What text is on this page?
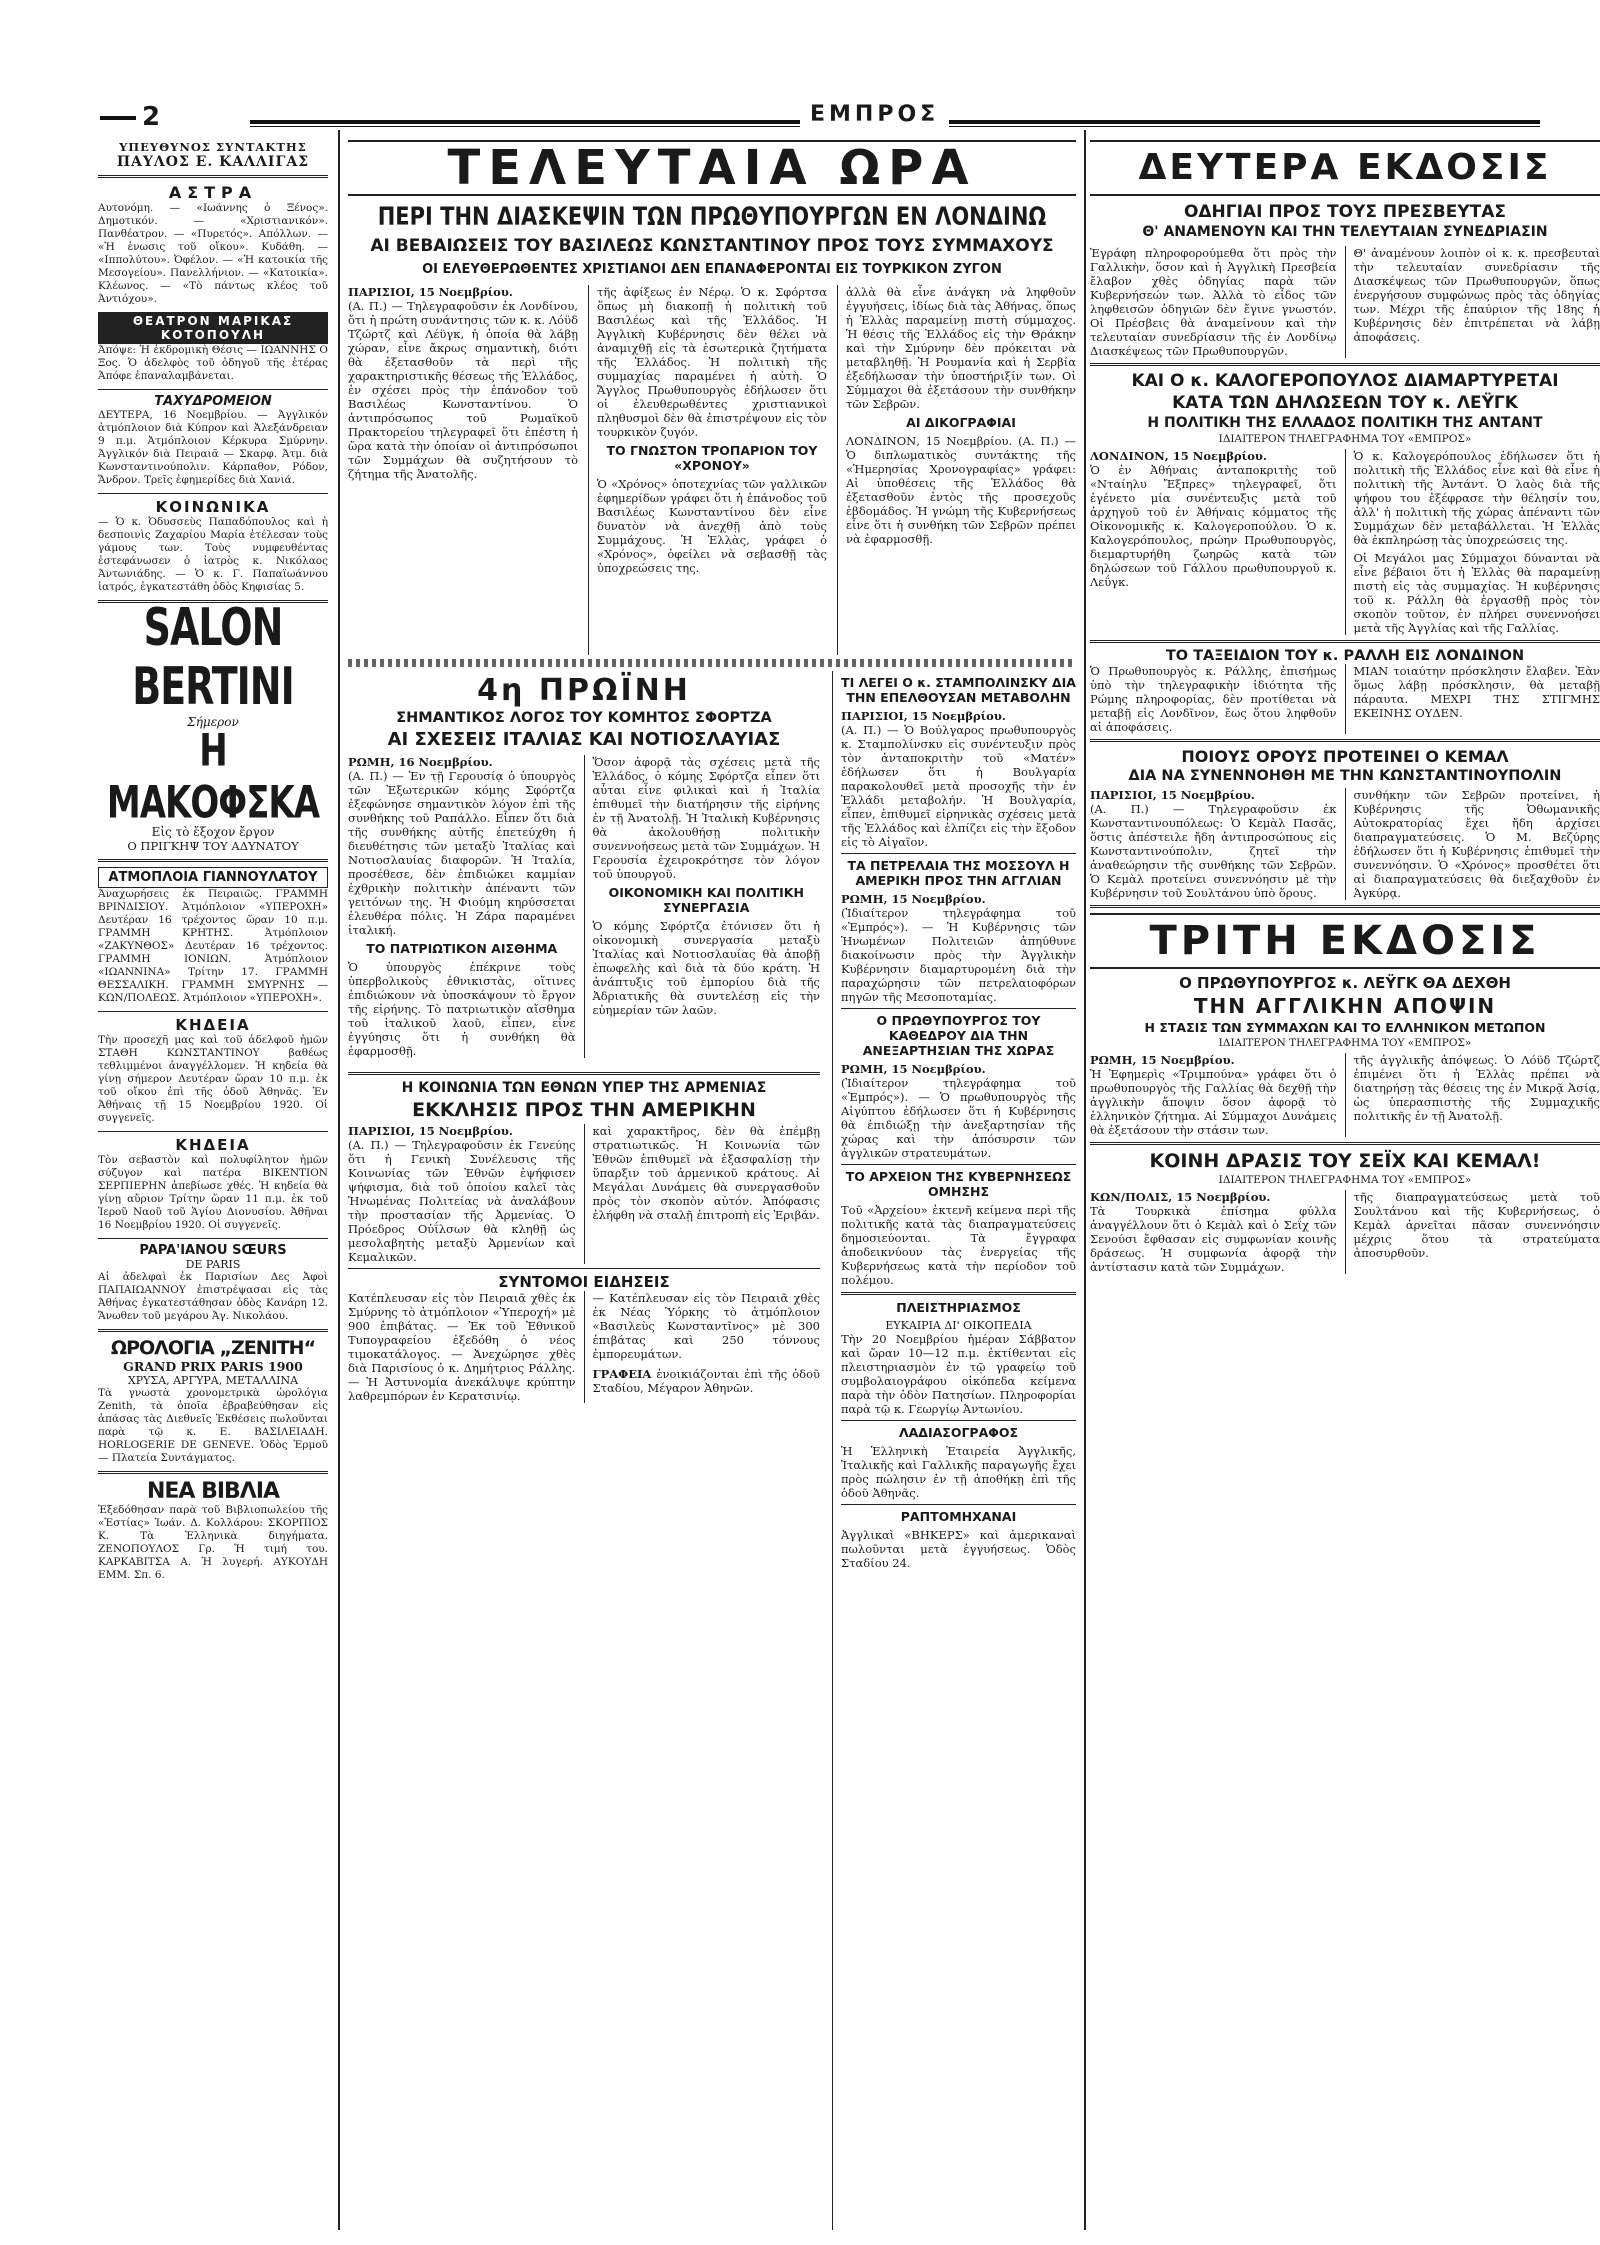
2	ΕΜΠΡΟΣ
ΥΠΕΥΘΥΝΟΣ ΣΥΝΤΑΚΤΗΣ
ΠΑΥΛΟΣ Ε. ΚΑΛΛΙΓΑΣ
ΑΣΤΡΑ
Αυτονόμη. — «Ιωάννης ὁ Ξένος». Δημοτικόν. — «Χριστιανικόν». Πανθέατρον. — «Πυρετός». Απόλλων. — «Ἡ ἑνωσις τοῦ οἴκου». Κυδάθη. — «Ιππολύτου». Ὀφέλον. — «Ἡ κατοικία τῆς Μεσογείου». Πανελλήνιον. — «Κατοικία». Κλέωνος. — «Τὸ πάντως κλέος τοῦ Ἀντιόχου».
ΘΕΑΤΡΟΝ ΜΑΡΙΚΑΣ ΚΟΤΟΠΟΥΛΗ
Ἀπόψε: Ἡ ἐκδρομικὴ Θέσις — ΙΩΑΝΝΗΣ Ο Ξος. Ὁ ἀδελφὸς τοῦ ὁδηγοῦ τῆς ἑτέρας Ἀπόφε ἐπαναλαμβάνεται.
ΤΑΧΥΔΡΟΜΕΙΟΝ
ΔΕΥΤΕΡΑ, 16 Νοεμβρίου. — Ἀγγλικόν ἀτμόπλοιον διὰ Κύπρον καὶ Ἀλεξάνδρειαν 9 π.μ. Ἀτμόπλοιον Κέρκυρα Σμύρνην. Ἀγγλικόν διὰ Πειραιᾶ — Σκαρφ. Ἀτμ. διὰ Κωνσταντινούπολιν. Κάρπαθον, Ρόδον, Ἄνδρον. Τρεῖς ἐφημερίδες διὰ Χανιά.
ΚΟΙΝΩΝΙΚΑ
— Ὁ κ. Ὀδυσσεὺς Παπαδόπουλος καὶ ἡ δεσποινὶς Ζαχαρίου Μαρία ἐτέλεσαν τοὺς γάμους των. Τοὺς νυμφευθέντας ἐστεφάνωσεν ὁ ἰατρὸς κ. Νικόλαος Ἀντωνιάδης. — Ὁ κ. Γ. Παπαϊωάννου ἰατρός, ἐγκατεστάθη ὁδὸς Κηφισίας 5.
SALON BERTINI
Σήμερον
Η ΜΑΚΟΦΣΚΑ
Εἰς τὸ ἔξοχον ἔργον
Ο ΠΡΙΓΚΗΨ ΤΟΥ ΑΔΥΝΑΤΟΥ
ΑΤΜΟΠΛΟΙΑ ΓΙΑΝΝΟΥΛΑΤΟΥ
Ἀναχωρήσεις ἐκ Πειραιῶς. ΓΡΑΜΜΗ ΒΡΙΝΔΙΣΙΟΥ. Ἀτμόπλοιον «ΥΠΕΡΟΧΗ» Δευτέραν 16 τρέχοντος ὥραν 10 π.μ. ΓΡΑΜΜΗ ΚΡΗΤΗΣ. Ἀτμόπλοιον «ΖΑΚΥΝΘΟΣ» Δευτέραν 16 τρέχοντος. ΓΡΑΜΜΗ ΙΟΝΙΩΝ. Ἀτμόπλοιον «ΙΩΑΝΝΙΝΑ» Τρίτην 17. ΓΡΑΜΜΗ ΘΕΣΣΑΛΙΚΗ. ΓΡΑΜΜΗ ΣΜΥΡΝΗΣ — ΚΩΝ/ΠΟΛΕΩΣ. Ἀτμόπλοιον «ΥΠΕΡΟΧΗ».
ΚΗΔΕΙΑ
Τὴν προσεχῆ μας καὶ τοῦ ἀδελφοῦ ἡμῶν ΣΤΑΘΗ ΚΩΝΣΤΑΝΤΙΝΟΥ βαθέως τεθλιμμένοι ἀναγγέλλομεν. Ἡ κηδεία θὰ γίνῃ σήμερον Δευτέραν ὥραν 10 π.μ. ἐκ τοῦ οἴκου ἐπὶ τῆς ὁδοῦ Ἀθηνᾶς. Ἐν Ἀθήναις τῇ 15 Νοεμβρίου 1920. Οἱ συγγενεῖς.
ΚΗΔΕΙΑ
Τὸν σεβαστὸν καὶ πολυφίλητον ἡμῶν σύζυγον καὶ πατέρα ΒΙΚΕΝΤΙΟΝ ΣΕΡΠΙΕΡΗΝ ἀπεβίωσε χθές. Ἡ κηδεία θὰ γίνῃ αὔριον Τρίτην ὥραν 11 π.μ. ἐκ τοῦ Ἱεροῦ Ναοῦ τοῦ Ἁγίου Διονυσίου. Ἀθῆναι 16 Νοεμβρίου 1920. Οἱ συγγενεῖς.
PAPA'IANOU SŒURS
DE PARIS
Αἱ ἀδελφαὶ ἐκ Παρισίων Δες Ἀφοὶ ΠΑΠΑΙΩΑΝΝΟΥ ἐπιστρέψασαι εἰς τὰς Ἀθήνας ἐγκατεστάθησαν ὁδὸς Κανάρη 12. Ἄνωθεν τοῦ μεγάρου Ἀγ. Νικολάου.
ΩΡΟΛΟΓΙΑ „ZENITH“
GRAND PRIX PARIS 1900
ΧΡΥΣΑ, ΑΡΓΥΡΑ, ΜΕΤΑΛΛΙΝΑ
Τὰ γνωστὰ χρονομετρικὰ ὡρολόγια Zenith, τὰ ὁποῖα ἐβραβεύθησαν εἰς ἁπάσας τὰς Διεθνεῖς Ἐκθέσεις πωλοῦνται παρὰ τῷ κ. Ε. ΒΑΣΙΛΕΙΑΔΗ. HORLOGERIE DE GENEVE. Ὁδὸς Ἑρμοῦ — Πλατεία Συντάγματος.
ΝΕΑ ΒΙΒΛΙΑ
Ἐξεδόθησαν παρὰ τοῦ Βιβλιοπωλείου τῆς «Ἑστίας» Ἰωάν. Δ. Κολλάρου: ΣΚΟΡΠΙΟΣ Κ. Τὰ Ἑλληνικὰ διηγήματα. ΖΕΝΟΠΟΥΛΟΣ Γρ. Ἡ τιμή του. ΚΑΡΚΑΒΙΤΣΑ Α. Ἡ λυγερή. ΑΥΚΟΥΔΗ ΕΜΜ. Σπ. 6.
ΤΕΛΕΥΤΑΙΑ ΩΡΑ
ΠΕΡΙ ΤΗΝ ΔΙΑΣΚΕΨΙΝ ΤΩΝ ΠΡΩΘΥΠΟΥΡΓΩΝ ΕΝ ΛΟΝΔΙΝΩ
ΑΙ ΒΕΒΑΙΩΣΕΙΣ ΤΟΥ ΒΑΣΙΛΕΩΣ ΚΩΝΣΤΑΝΤΙΝΟΥ ΠΡΟΣ ΤΟΥΣ ΣΥΜΜΑΧΟΥΣ
ΟΙ ΕΛΕΥΘΕΡΩΘΕΝΤΕΣ ΧΡΙΣΤΙΑΝΟΙ ΔΕΝ ΕΠΑΝΑΦΕΡΟΝΤΑΙ ΕΙΣ ΤΟΥΡΚΙΚΟΝ ΖΥΓΟΝ
ΠΑΡΙΣΙΟΙ, 15 Νοεμβρίου.
(Α. Π.) — Τηλεγραφοῦσιν ἐκ Λονδίνου, ὅτι ἡ πρώτη συνάντησις τῶν κ. κ. Λόϋδ Τζώρτζ καὶ Λέϋγκ, ἡ ὁποία θὰ λάβῃ χώραν, εἶνε ἄκρως σημαντικὴ, διότι θὰ ἐξετασθοῦν τὰ περὶ τῆς χαρακτηριστικῆς θέσεως τῆς Ἑλλάδος, ἐν σχέσει πρὸς τὴν ἐπάνοδον τοῦ Βασιλέως Κωνσταντίνου. Ὁ ἀντιπρόσωπος τοῦ Ρωμαϊκοῦ Πρακτορείου τηλεγραφεῖ ὅτι ἐπέστη ἡ ὥρα κατὰ τὴν ὁποίαν οἱ ἀντιπρόσωποι τῶν Συμμάχων θὰ συζητήσουν τὸ ζήτημα τῆς Ἀνατολῆς.
τῆς ἀφίξεως ἐν Νέρῳ. Ὁ κ. Σφόρτσα ὅπως μὴ διακοπῇ ἡ πολιτικὴ τοῦ Βασιλέως καὶ τῆς Ἑλλάδος. Ἡ Ἀγγλικὴ Κυβέρνησις δὲν θέλει νὰ ἀναμιχθῇ εἰς τὰ ἐσωτερικὰ ζητήματα τῆς Ἑλλάδος. Ἡ πολιτικὴ τῆς συμμαχίας παραμένει ἡ αὐτὴ. Ὁ Ἄγγλος Πρωθυπουργὸς ἐδήλωσεν ὅτι οἱ ἐλευθερωθέντες χριστιανικοὶ πληθυσμοὶ δὲν θὰ ἐπιστρέψουν εἰς τὸν τουρκικὸν ζυγόν.
ΤΟ ΓΝΩΣΤΟΝ ΤΡΟΠΑΡΙΟΝ ΤΟΥ «ΧΡΟΝΟΥ»
Ὁ «Χρόνος» ὁποτεχνίας τῶν γαλλικῶν ἐφημερίδων γράφει ὅτι ἡ ἐπάνοδος τοῦ Βασιλέως Κωνσταντίνου δὲν εἶνε δυνατὸν νὰ ἀνεχθῇ ἀπὸ τοὺς Συμμάχους. Ἡ Ἑλλὰς, γράφει ὁ «Χρόνος», ὀφείλει νὰ σεβασθῇ τὰς ὑποχρεώσεις της.
ἀλλὰ θὰ εἶνε ἀνάγκη νὰ ληφθοῦν ἐγγυήσεις, ἰδίως διὰ τὰς Ἀθήνας, ὅπως ἡ Ἑλλὰς παραμείνῃ πιστὴ σύμμαχος. Ἡ θέσις τῆς Ἑλλάδος εἰς τὴν Θράκην καὶ τὴν Σμύρνην δὲν πρόκειται νὰ μεταβληθῇ. Ἡ Ρουμανία καὶ ἡ Σερβία ἐξεδήλωσαν τὴν ὑποστήριξίν των. Οἱ Σύμμαχοι θὰ ἐξετάσουν τὴν συνθήκην τῶν Σεβρῶν.
ΑΙ ΔΙΚΟΓΡΑΦΙΑΙ
ΛΟΝΔΙΝΟΝ, 15 Νοεμβρίου. (Α. Π.) — Ὁ διπλωματικὸς συντάκτης τῆς «Ἡμερησίας Χρονογραφίας» γράφει: Αἱ ὑποθέσεις τῆς Ἑλλάδος θὰ ἐξετασθοῦν ἐντὸς τῆς προσεχοῦς ἑβδομάδος. Ἡ γνώμη τῆς Κυβερνήσεως εἶνε ὅτι ἡ συνθήκη τῶν Σεβρῶν πρέπει νὰ ἐφαρμοσθῇ.
4η ΠΡΩΪΝΗ
ΣΗΜΑΝΤΙΚΟΣ ΛΟΓΟΣ ΤΟΥ ΚΟΜΗΤΟΣ ΣΦΟΡΤΖΑ
ΑΙ ΣΧΕΣΕΙΣ ΙΤΑΛΙΑΣ ΚΑΙ ΝΟΤΙΟΣΛΑΥΙΑΣ
ΡΩΜΗ, 16 Νοεμβρίου.
(Α. Π.) — Ἐν τῇ Γερουσίᾳ ὁ ὑπουργὸς τῶν Ἐξωτερικῶν κόμης Σφόρτζα ἐξεφώνησε σημαντικὸν λόγον ἐπὶ τῆς συνθήκης τοῦ Ραπάλλο. Εἶπεν ὅτι διὰ τῆς συνθήκης αὐτῆς ἐπετεύχθη ἡ διευθέτησις τῶν μεταξὺ Ἰταλίας καὶ Νοτιοσλαυίας διαφορῶν. Ἡ Ἰταλία, προσέθεσε, δὲν ἐπιδιώκει καμμίαν ἐχθρικὴν πολιτικὴν ἀπέναντι τῶν γειτόνων της. Ἡ Φιούμη κηρύσσεται ἐλευθέρα πόλις. Ἡ Ζάρα παραμένει ἰταλική.
ΤΟ ΠΑΤΡΙΩΤΙΚΟΝ ΑΙΣΘΗΜΑ
Ὁ ὑπουργὸς ἐπέκρινε τοὺς ὑπερβολικοὺς ἐθνικιστὰς, οἵτινες ἐπιδιώκουν νὰ ὑποσκάψουν τὸ ἔργον τῆς εἰρήνης. Τὸ πατριωτικὸν αἴσθημα τοῦ ἰταλικοῦ λαοῦ, εἶπεν, εἶνε ἐγγύησις ὅτι ἡ συνθήκη θὰ ἐφαρμοσθῇ.
Ὅσον ἀφορᾷ τὰς σχέσεις μετὰ τῆς Ἑλλάδος, ὁ κόμης Σφόρτζα εἶπεν ὅτι αὗται εἶνε φιλικαὶ καὶ ἡ Ἰταλία ἐπιθυμεῖ τὴν διατήρησιν τῆς εἰρήνης ἐν τῇ Ἀνατολῇ. Ἡ Ἰταλικὴ Κυβέρνησις θὰ ἀκολουθήσῃ πολιτικὴν συνεννοήσεως μετὰ τῶν Συμμάχων. Ἡ Γερουσία ἐχειροκρότησε τὸν λόγον τοῦ ὑπουργοῦ.
ΟΙΚΟΝΟΜΙΚΗ ΚΑΙ ΠΟΛΙΤΙΚΗ ΣΥΝΕΡΓΑΣΙΑ
Ὁ κόμης Σφόρτζα ἐτόνισεν ὅτι ἡ οἰκονομικὴ συνεργασία μεταξὺ Ἰταλίας καὶ Νοτιοσλαυίας θὰ ἀποβῇ ἐπωφελὴς καὶ διὰ τὰ δύο κράτη. Ἡ ἀνάπτυξις τοῦ ἐμπορίου διὰ τῆς Ἀδριατικῆς θὰ συντελέσῃ εἰς τὴν εὐημερίαν τῶν λαῶν.
Η ΚΟΙΝΩΝΙΑ ΤΩΝ ΕΘΝΩΝ ΥΠΕΡ ΤΗΣ ΑΡΜΕΝΙΑΣ
ΕΚΚΛΗΣΙΣ ΠΡΟΣ ΤΗΝ ΑΜΕΡΙΚΗΝ
ΠΑΡΙΣΙΟΙ, 15 Νοεμβρίου.
(Α. Π.) — Τηλεγραφοῦσιν ἐκ Γενεύης ὅτι ἡ Γενικὴ Συνέλευσις τῆς Κοινωνίας τῶν Ἐθνῶν ἐψήφισεν ψήφισμα, διὰ τοῦ ὁποίου καλεῖ τὰς Ἡνωμένας Πολιτείας νὰ ἀναλάβουν τὴν προστασίαν τῆς Ἀρμενίας. Ὁ Πρόεδρος Οὐΐλσων θὰ κληθῇ ὡς μεσολαβητὴς μεταξὺ Ἀρμενίων καὶ Κεμαλικῶν.
καὶ χαρακτῆρος, δὲν θὰ ἐπέμβῃ στρατιωτικῶς. Ἡ Κοινωνία τῶν Ἐθνῶν ἐπιθυμεῖ νὰ ἐξασφαλίσῃ τὴν ὕπαρξιν τοῦ ἀρμενικοῦ κράτους. Αἱ Μεγάλαι Δυνάμεις θὰ συνεργασθοῦν πρὸς τὸν σκοπὸν αὐτόν. Ἀπόφασις ἐλήφθη νὰ σταλῇ ἐπιτροπὴ εἰς Ἐριβάν.
ΣΥΝΤΟΜΟΙ ΕΙΔΗΣΕΙΣ
Κατέπλευσαν εἰς τὸν Πειραιᾶ χθὲς ἐκ Σμύρνης τὸ ἀτμόπλοιον «Ὑπεροχή» μὲ 900 ἐπιβάτας. — Ἐκ τοῦ Ἐθνικοῦ Τυπογραφείου ἐξεδόθη ὁ νέος τιμοκατάλογος. — Ἀνεχώρησε χθὲς διὰ Παρισίους ὁ κ. Δημήτριος Ράλλης. — Ἡ Ἀστυνομία ἀνεκάλυψε κρύπτην λαθρεμπόρων ἐν Κερατσινίῳ.
— Κατέπλευσαν εἰς τὸν Πειραιᾶ χθὲς ἐκ Νέας Ὑόρκης τὸ ἀτμόπλοιον «Βασιλεὺς Κωνσταντῖνος» μὲ 300 ἐπιβάτας καὶ 250 τόννους ἐμπορευμάτων.
ΓΡΑΦΕΙΑ ἐνοικιάζονται ἐπὶ τῆς ὁδοῦ Σταδίου, Μέγαρον Ἀθηνῶν.
ΤΙ ΛΕΓΕΙ Ο κ. ΣΤΑΜΠΟΛΙΝΣΚΥ ΔΙΑ ΤΗΝ ΕΠΕΛΘΟΥΣΑΝ ΜΕΤΑΒΟΛΗΝ
ΠΑΡΙΣΙΟΙ, 15 Νοεμβρίου.
(Α. Π.) — Ὁ Βούλγαρος πρωθυπουργὸς κ. Σταμπολίνσκυ εἰς συνέντευξιν πρὸς τὸν ἀνταποκριτὴν τοῦ «Ματέν» ἐδήλωσεν ὅτι ἡ Βουλγαρία παρακολουθεῖ μετὰ προσοχῆς τὴν ἐν Ἑλλάδι μεταβολήν. Ἡ Βουλγαρία, εἶπεν, ἐπιθυμεῖ εἰρηνικὰς σχέσεις μετὰ τῆς Ἑλλάδος καὶ ἐλπίζει εἰς τὴν ἔξοδον εἰς τὸ Αἰγαῖον.
ΤΑ ΠΕΤΡΕΛΑΙΑ ΤΗΣ ΜΟΣΣΟΥΛ Η ΑΜΕΡΙΚΗ ΠΡΟΣ ΤΗΝ ΑΓΓΛΙΑΝ
ΡΩΜΗ, 15 Νοεμβρίου.
(Ἰδιαίτερον τηλεγράφημα τοῦ «Ἐμπρός»). — Ἡ Κυβέρνησις τῶν Ἡνωμένων Πολιτειῶν ἀπηύθυνε διακοίνωσιν πρὸς τὴν Ἀγγλικὴν Κυβέρνησιν διαμαρτυρομένη διὰ τὴν παραχώρησιν τῶν πετρελαιοφόρων πηγῶν τῆς Μεσοποταμίας.
Ο ΠΡΩΘΥΠΟΥΡΓΟΣ ΤΟΥ ΚΑΘΕΔΡΟΥ ΔΙΑ ΤΗΝ ΑΝΕΞΑΡΤΗΣΙΑΝ ΤΗΣ ΧΩΡΑΣ
ΡΩΜΗ, 15 Νοεμβρίου.
(Ἰδιαίτερον τηλεγράφημα τοῦ «Ἐμπρός»). — Ὁ πρωθυπουργὸς τῆς Αἰγύπτου ἐδήλωσεν ὅτι ἡ Κυβέρνησις θὰ ἐπιδιώξῃ τὴν ἀνεξαρτησίαν τῆς χώρας καὶ τὴν ἀπόσυρσιν τῶν ἀγγλικῶν στρατευμάτων.
ΤΟ ΑΡΧΕΙΟΝ ΤΗΣ ΚΥΒΕΡΝΗΣΕΩΣ ΟΜΗΣΗΣ
Τοῦ «Ἀρχείου» ἐκτενῆ κείμενα περὶ τῆς πολιτικῆς κατὰ τὰς διαπραγματεύσεις δημοσιεύονται. Τὰ ἔγγραφα ἀποδεικνύουν τὰς ἐνεργείας τῆς Κυβερνήσεως κατὰ τὴν περίοδον τοῦ πολέμου.
ΠΛΕΙΣΤΗΡΙΑΣΜΟΣ
ΕΥΚΑΙΡΙΑ ΔΙ' ΟΙΚΟΠΕΔΙΑ
Τὴν 20 Νοεμβρίου ἡμέραν Σάββατον καὶ ὥραν 10—12 π.μ. ἐκτίθενται εἰς πλειστηριασμὸν ἐν τῷ γραφείῳ τοῦ συμβολαιογράφου οἰκόπεδα κείμενα παρὰ τὴν ὁδὸν Πατησίων. Πληροφορίαι παρὰ τῷ κ. Γεωργίῳ Ἀντωνίου.
ΛΑΔΙΑΣΟΓΡΑΦΟΣ
Ἡ Ἑλληνικὴ Ἑταιρεία Ἀγγλικῆς, Ἰταλικῆς καὶ Γαλλικῆς παραγωγῆς ἔχει πρὸς πώλησιν ἐν τῇ ἀποθήκῃ ἐπὶ τῆς ὁδοῦ Ἀθηνᾶς.
ΡΑΠΤΟΜΗΧΑΝΑΙ
Ἀγγλικαὶ «ΒΗΚΕΡΣ» καὶ ἀμερικαναὶ πωλοῦνται μετὰ ἐγγυήσεως. Ὁδὸς Σταδίου 24.
ΔΕΥΤΕΡΑ ΕΚΔΟΣΙΣ
ΟΔΗΓΙΑΙ ΠΡΟΣ ΤΟΥΣ ΠΡΕΣΒΕΥΤΑΣ
Θ' ΑΝΑΜΕΝΟΥΝ ΚΑΙ ΤΗΝ ΤΕΛΕΥΤΑΙΑΝ ΣΥΝΕΔΡΙΑΣΙΝ
Ἐγράφη πληροφορούμεθα ὅτι πρὸς τὴν Γαλλικὴν, ὅσον καὶ ἡ Ἀγγλικὴ Πρεσβεία ἔλαβον χθὲς ὁδηγίας παρὰ τῶν Κυβερνήσεών των. Ἀλλὰ τὸ εἶδος τῶν ληφθεισῶν ὁδηγιῶν δὲν ἔγινε γνωστόν. Οἱ Πρέσβεις θὰ ἀναμείνουν καὶ τὴν τελευταίαν συνεδρίασιν τῆς ἐν Λονδίνῳ Διασκέψεως τῶν Πρωθυπουργῶν.
Θ' ἀναμένουν λοιπὸν οἱ κ. κ. πρεσβευταὶ τὴν τελευταίαν συνεδρίασιν τῆς Διασκέψεως τῶν Πρωθυπουργῶν, ὅπως ἐνεργήσουν συμφώνως πρὸς τὰς ὁδηγίας των. Μέχρι τῆς ἐπαύριον τῆς 18ης ἡ Κυβέρνησις δὲν ἐπιτρέπεται νὰ λάβῃ ἀποφάσεις.
ΚΑΙ Ο κ. ΚΑΛΟΓΕΡΟΠΟΥΛΟΣ ΔΙΑΜΑΡΤΥΡΕΤΑΙ
ΚΑΤΑ ΤΩΝ ΔΗΛΩΣΕΩΝ ΤΟΥ κ. ΛΕΫΓΚ
Η ΠΟΛΙΤΙΚΗ ΤΗΣ ΕΛΛΑΔΟΣ ΠΟΛΙΤΙΚΗ ΤΗΣ ΑΝΤΑΝΤ
ΙΔΙΑΙΤΕΡΟΝ ΤΗΛΕΓΡΑΦΗΜΑ ΤΟΥ «ΕΜΠΡΟΣ»
ΛΟΝΔΙΝΟΝ, 15 Νοεμβρίου.
Ὁ ἐν Ἀθήναις ἀνταποκριτὴς τοῦ «Νταίηλυ Ἔξπρες» τηλεγραφεῖ, ὅτι ἐγένετο μία συνέντευξις μετὰ τοῦ ἀρχηγοῦ τοῦ ἐν Ἀθήναις κόμματος τῆς Οἰκονομικῆς κ. Καλογεροπούλου. Ὁ κ. Καλογερόπουλος, πρώην Πρωθυπουργὸς, διεμαρτυρήθη ζωηρῶς κατὰ τῶν δηλώσεων τοῦ Γάλλου πρωθυπουργοῦ κ. Λεΰγκ.
Ὁ κ. Καλογερόπουλος ἐδήλωσεν ὅτι ἡ πολιτικὴ τῆς Ἑλλάδος εἶνε καὶ θὰ εἶνε ἡ πολιτικὴ τῆς Ἀντάντ. Ὁ λαὸς διὰ τῆς ψήφου του ἐξέφρασε τὴν θέλησίν του, ἀλλ' ἡ πολιτικὴ τῆς χώρας ἀπέναντι τῶν Συμμάχων δὲν μεταβάλλεται. Ἡ Ἑλλὰς θὰ ἐκπληρώσῃ τὰς ὑποχρεώσεις της.
Οἱ Μεγάλοι μας Σύμμαχοι δύνανται νὰ εἶνε βέβαιοι ὅτι ἡ Ἑλλὰς θὰ παραμείνῃ πιστὴ εἰς τὰς συμμαχίας. Ἡ κυβέρνησις τοῦ κ. Ράλλη θὰ ἐργασθῇ πρὸς τὸν σκοπὸν τοῦτον, ἐν πλήρει συνεννοήσει μετὰ τῆς Ἀγγλίας καὶ τῆς Γαλλίας.
ΤΟ ΤΑΞΕΙΔΙΟΝ ΤΟΥ κ. ΡΑΛΛΗ ΕΙΣ ΛΟΝΔΙΝΟΝ
Ὁ Πρωθυπουργὸς κ. Ράλλης, ἐπισήμως ὑπὸ τὴν τηλεγραφικὴν ἰδιότητα τῆς Ρώμης πληροφορίας, δὲν προτίθεται νὰ μεταβῇ εἰς Λονδῖνον, ἔως ὅτου ληφθοῦν αἱ ἀποφάσεις.
ΜΙΑΝ τοιαύτην πρόσκλησιν ἔλαβεν. Ἐὰν ὅμως λάβῃ πρόσκλησιν, θὰ μεταβῇ πάραυτα. ΜΕΧΡΙ ΤΗΣ ΣΤΙΓΜΗΣ ΕΚΕΙΝΗΣ ΟΥΔΕΝ.
ΠΟΙΟΥΣ ΟΡΟΥΣ ΠΡΟΤΕΙΝΕΙ Ο ΚΕΜΑΛ
ΔΙΑ ΝΑ ΣΥΝΕΝΝΟΗΘΗ ΜΕ ΤΗΝ ΚΩΝΣΤΑΝΤΙΝΟΥΠΟΛΙΝ
ΠΑΡΙΣΙΟΙ, 15 Νοεμβρίου.
(Α. Π.) — Τηλεγραφοῦσιν ἐκ Κωνσταντινουπόλεως: Ὁ Κεμὰλ Πασᾶς, ὅστις ἀπέστειλε ἤδη ἀντιπροσώπους εἰς Κωνσταντινούπολιν, ζητεῖ τὴν ἀναθεώρησιν τῆς συνθήκης τῶν Σεβρῶν. Ὁ Κεμὰλ προτείνει συνεννόησιν μὲ τὴν Κυβέρνησιν τοῦ Σουλτάνου ὑπὸ ὅρους.
συνθήκην τῶν Σεβρῶν προτείνει, ἡ Κυβέρνησις τῆς Ὀθωμανικῆς Αὐτοκρατορίας ἔχει ἤδη ἀρχίσει διαπραγματεύσεις. Ὁ Μ. Βεζύρης ἐδήλωσεν ὅτι ἡ Κυβέρνησις ἐπιθυμεῖ τὴν συνεννόησιν. Ὁ «Χρόνος» προσθέτει ὅτι αἱ διαπραγματεύσεις θὰ διεξαχθοῦν ἐν Ἀγκύρᾳ.
ΤΡΙΤΗ ΕΚΔΟΣΙΣ
Ο ΠΡΩΘΥΠΟΥΡΓΟΣ κ. ΛΕΫΓΚ ΘΑ ΔΕΧΘΗ
ΤΗΝ ΑΓΓΛΙΚΗΝ ΑΠΟΨΙΝ
Η ΣΤΑΣΙΣ ΤΩΝ ΣΥΜΜΑΧΩΝ ΚΑΙ ΤΟ ΕΛΛΗΝΙΚΟΝ ΜΕΤΩΠΟΝ
ΙΔΙΑΙΤΕΡΟΝ ΤΗΛΕΓΡΑΦΗΜΑ ΤΟΥ «ΕΜΠΡΟΣ»
ΡΩΜΗ, 15 Νοεμβρίου.
Ἡ Ἐφημερὶς «Τριμπούνα» γράφει ὅτι ὁ πρωθυπουργὸς τῆς Γαλλίας θὰ δεχθῇ τὴν ἀγγλικὴν ἄποψιν ὅσον ἀφορᾷ τὸ ἑλληνικὸν ζήτημα. Αἱ Σύμμαχοι Δυνάμεις θὰ ἐξετάσουν τὴν στάσιν των.
τῆς ἀγγλικῆς ἀπόψεως. Ὁ Λόϋδ Τζώρτζ ἐπιμένει ὅτι ἡ Ἑλλὰς πρέπει νὰ διατηρήσῃ τὰς θέσεις της ἐν Μικρᾷ Ἀσίᾳ, ὡς ὑπερασπιστὴς τῆς Συμμαχικῆς πολιτικῆς ἐν τῇ Ἀνατολῇ.
ΚΟΙΝΗ ΔΡΑΣΙΣ ΤΟΥ ΣΕΪΧ ΚΑΙ ΚΕΜΑΛ!
ΙΔΙΑΙΤΕΡΟΝ ΤΗΛΕΓΡΑΦΗΜΑ ΤΟΥ «ΕΜΠΡΟΣ»
ΚΩΝ/ΠΟΛΙΣ, 15 Νοεμβρίου.
Τὰ Τουρκικὰ ἐπίσημα φύλλα ἀναγγέλλουν ὅτι ὁ Κεμὰλ καὶ ὁ Σεΐχ τῶν Σενούσι ἔφθασαν εἰς συμφωνίαν κοινῆς δράσεως. Ἡ συμφωνία ἀφορᾷ τὴν ἀντίστασιν κατὰ τῶν Συμμάχων.
τῆς διαπραγματεύσεως μετὰ τοῦ Σουλτάνου καὶ τῆς Κυβερνήσεως, ὁ Κεμὰλ ἀρνεῖται πᾶσαν συνεννόησιν μέχρις ὅτου τὰ στρατεύματα ἀποσυρθοῦν.
